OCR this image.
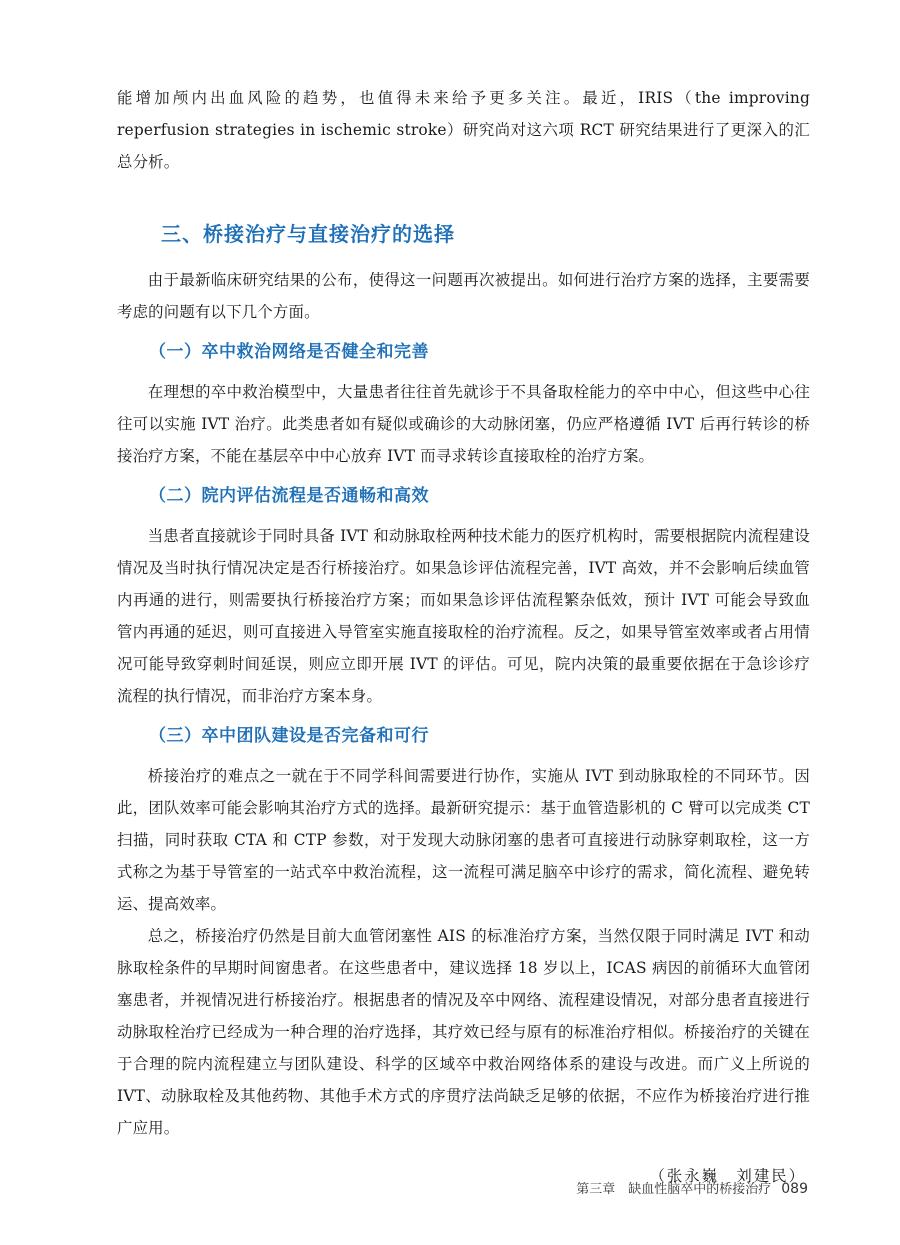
能增加颅内出血风险的趋势，也值得未来给予更多关注。最近，IRIS（the improving reperfusion strategies in ischemic stroke）研究尚对这六项 RCT 研究结果进行了更深入的汇总分析。

三、桥接治疗与直接治疗的选择

由于最新临床研究结果的公布，使得这一问题再次被提出。如何进行治疗方案的选择，主要需要考虑的问题有以下几个方面。

（一）卒中救治网络是否健全和完善

在理想的卒中救治模型中，大量患者往往首先就诊于不具备取栓能力的卒中中心，但这些中心往往可以实施 IVT 治疗。此类患者如有疑似或确诊的大动脉闭塞，仍应严格遵循 IVT 后再行转诊的桥接治疗方案，不能在基层卒中中心放弃 IVT 而寻求转诊直接取栓的治疗方案。

（二）院内评估流程是否通畅和高效

当患者直接就诊于同时具备 IVT 和动脉取栓两种技术能力的医疗机构时，需要根据院内流程建设情况及当时执行情况决定是否行桥接治疗。如果急诊评估流程完善，IVT 高效，并不会影响后续血管内再通的进行，则需要执行桥接治疗方案；而如果急诊评估流程繁杂低效，预计 IVT 可能会导致血管内再通的延迟，则可直接进入导管室实施直接取栓的治疗流程。反之，如果导管室效率或者占用情况可能导致穿刺时间延误，则应立即开展 IVT 的评估。可见，院内决策的最重要依据在于急诊诊疗流程的执行情况，而非治疗方案本身。

（三）卒中团队建设是否完备和可行

桥接治疗的难点之一就在于不同学科间需要进行协作，实施从 IVT 到动脉取栓的不同环节。因此，团队效率可能会影响其治疗方式的选择。最新研究提示：基于血管造影机的 C 臂可以完成类 CT 扫描，同时获取 CTA 和 CTP 参数，对于发现大动脉闭塞的患者可直接进行动脉穿刺取栓，这一方式称之为基于导管室的一站式卒中救治流程，这一流程可满足脑卒中诊疗的需求，简化流程、避免转运、提高效率。

总之，桥接治疗仍然是目前大血管闭塞性 AIS 的标准治疗方案，当然仅限于同时满足 IVT 和动脉取栓条件的早期时间窗患者。在这些患者中，建议选择 18 岁以上，ICAS 病因的前循环大血管闭塞患者，并视情况进行桥接治疗。根据患者的情况及卒中网络、流程建设情况，对部分患者直接进行动脉取栓治疗已经成为一种合理的治疗选择，其疗效已经与原有的标准治疗相似。桥接治疗的关键在于合理的院内流程建立与团队建设、科学的区域卒中救治网络体系的建设与改进。而广义上所说的 IVT、动脉取栓及其他药物、其他手术方式的序贯疗法尚缺乏足够的依据，不应作为桥接治疗进行推广应用。

（张永巍　刘建民）
第三章　缺血性脑卒中的桥接治疗 089
